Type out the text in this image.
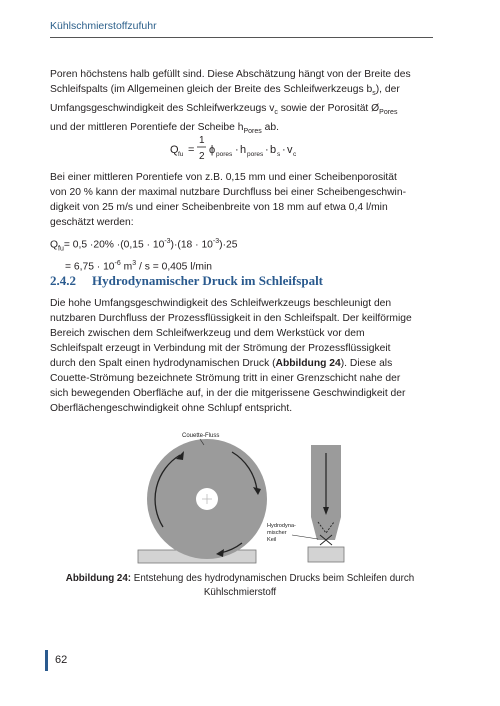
Kühlschmierstoffzufuhr

Poren höchstens halb gefüllt sind. Diese Abschätzung hängt von der Breite des
Schleifspalts (im Allgemeinen gleich der Breite des Schleifwerkzeugs $b_s$), der
Umfangsgeschwindigkeit des Schleifwerkzeugs $v_c$ sowie der Porosität $Ø_{Pores}$
und der mittleren Porentiefe der Scheibe $h_{Pores}$ ab.

Q fu =
1
2
ϕ pores · h pores · b s · v c

Bei einer mittleren Porentiefe von z.B. 0,15 mm und einer Scheibenporosität
von 20 % kann der maximal nutzbare Durchfluss bei einer Scheibengeschwin-
digkeit von 25 m/s und einer Scheibenbreite von 18 mm auf etwa 0,4 l/min
geschätzt werden:

$Q_{fu}= 0,5 \cdot 20\% \cdot(0,15 \cdot 10^{-3})\cdot(18 \cdot 10^{-3})\cdot 25$
= $6,75 \cdot 10^{-6}$ $m^3 / s = 0,405$ l/min
2.4.2 Hydrodynamischer Druck im Schleifspalt

Die hohe Umfangsgeschwindigkeit des Schleifwerkzeugs beschleunigt den
nutzbaren Durchfluss der Prozessflüssigkeit in den Schleifspalt. Der keilförmige
Bereich zwischen dem Schleifwerkzeug und dem Werkstück vor dem
Schleifspalt erzeugt in Verbindung mit der Strömung der Prozessflüssigkeit
durch den Spalt einen hydrodynamischen Druck (Abbildung 24). Diese als
Couette-Strömung bezeichnete Strömung tritt in einer Grenzschicht nahe der
sich bewegenden Oberfläche auf, in der die mitgerissene Geschwindigkeit der
Oberflächengeschwindigkeit ohne Schlupf entspricht.

Couette-Fluss
Hydrodyna-
mischer
Keil
Abbildung 24: Entstehung des hydrodynamischen Drucks beim Schleifen durch
Kühlschmierstoff
62
